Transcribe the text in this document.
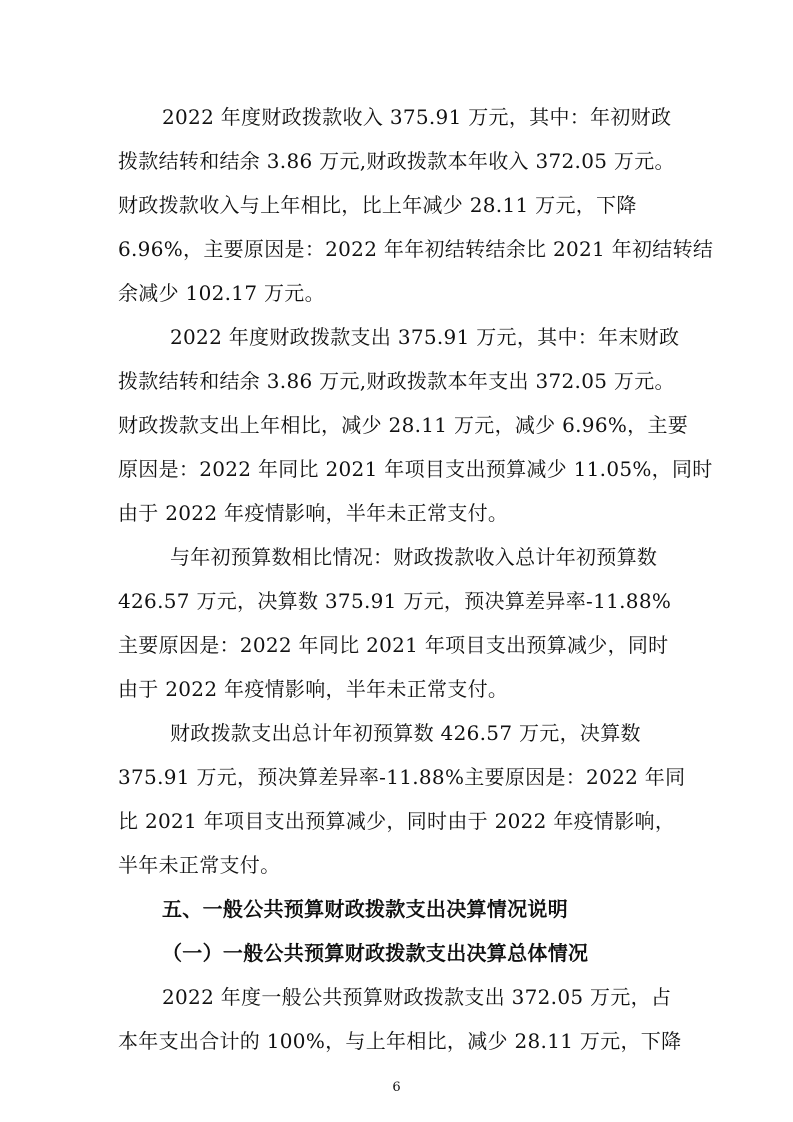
2022 年度财政拨款收入 375.91 万元，其中：年初财政
拨款结转和结余 3.86 万元,财政拨款本年收入 372.05 万元。
财政拨款收入与上年相比，比上年减少 28.11 万元，下降
6.96%，主要原因是：2022 年年初结转结余比 2021 年初结转结
余减少 102.17 万元。
2022 年度财政拨款支出 375.91 万元，其中：年末财政
拨款结转和结余 3.86 万元,财政拨款本年支出 372.05 万元。
财政拨款支出上年相比，减少 28.11 万元，减少 6.96%，主要
原因是：2022 年同比 2021 年项目支出预算减少 11.05%，同时
由于 2022 年疫情影响，半年未正常支付。
与年初预算数相比情况：财政拨款收入总计年初预算数
426.57 万元，决算数 375.91 万元，预决算差异率-11.88%
主要原因是：2022 年同比 2021 年项目支出预算减少，同时
由于 2022 年疫情影响，半年未正常支付。
财政拨款支出总计年初预算数 426.57 万元，决算数
375.91 万元，预决算差异率-11.88%主要原因是：2022 年同
比 2021 年项目支出预算减少，同时由于 2022 年疫情影响，
半年未正常支付。
五、一般公共预算财政拨款支出决算情况说明
（一）一般公共预算财政拨款支出决算总体情况
2022 年度一般公共预算财政拨款支出 372.05 万元，占
本年支出合计的 100%，与上年相比，减少 28.11 万元，下降
6
